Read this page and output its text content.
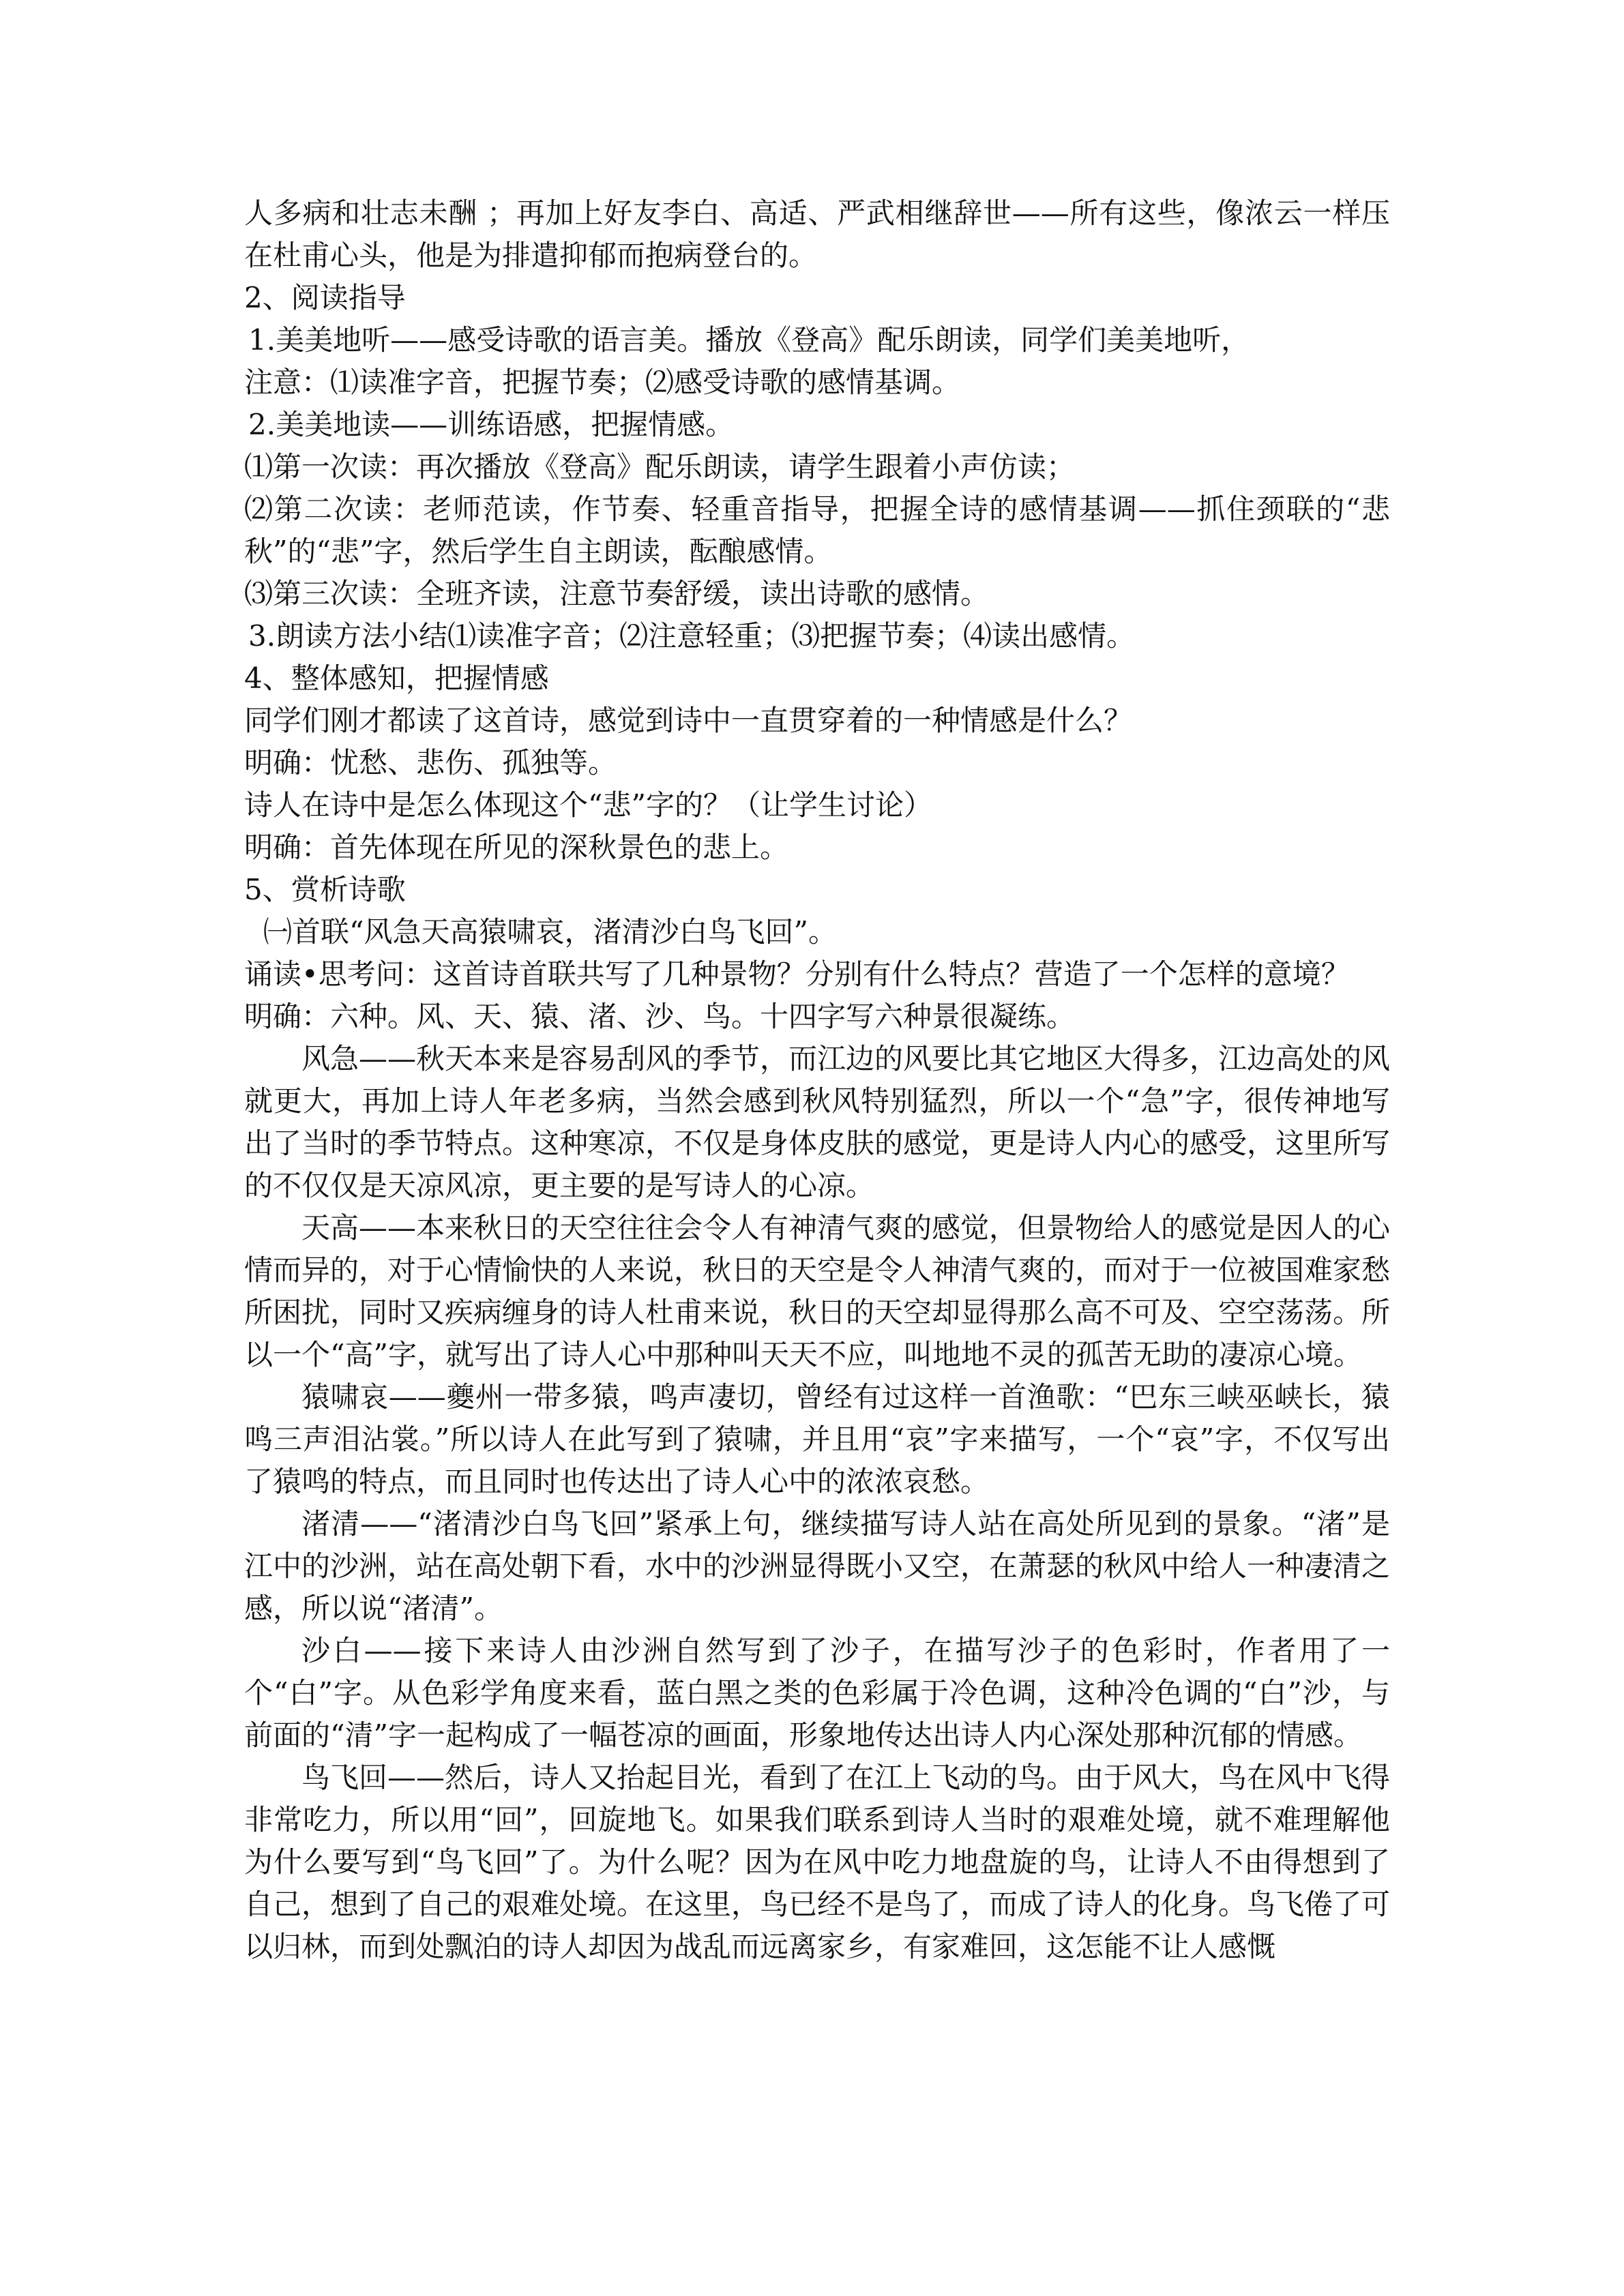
人多病和壮志未酬 ；再加上好友李白、高适、严武相继辞世——所有这些，像浓云一样压在杜甫心头，他是为排遣抑郁而抱病登台的。

2、阅读指导

1.美美地听——感受诗歌的语言美。播放《登高》配乐朗读，同学们美美地听，

注意：⑴读准字音，把握节奏；⑵感受诗歌的感情基调。

2.美美地读——训练语感，把握情感。

⑴第一次读：再次播放《登高》配乐朗读，请学生跟着小声仿读；

⑵第二次读：老师范读，作节奏、轻重音指导，把握全诗的感情基调——抓住颈联的“悲秋”的“悲”字，然后学生自主朗读，酝酿感情。

⑶第三次读：全班齐读，注意节奏舒缓，读出诗歌的感情。

3.朗读方法小结⑴读准字音；⑵注意轻重；⑶把握节奏；⑷读出感情。

4、整体感知，把握情感

同学们刚才都读了这首诗，感觉到诗中一直贯穿着的一种情感是什么？

明确：忧愁、悲伤、孤独等。

诗人在诗中是怎么体现这个“悲”字的？（让学生讨论）

明确：首先体现在所见的深秋景色的悲上。

5、赏析诗歌

㈠首联“风急天高猿啸哀，渚清沙白鸟飞回”。

诵读•思考问：这首诗首联共写了几种景物？分别有什么特点？营造了一个怎样的意境？

明确：六种。风、天、猿、渚、沙、鸟。十四字写六种景很凝练。

风急——秋天本来是容易刮风的季节，而江边的风要比其它地区大得多，江边高处的风就更大，再加上诗人年老多病，当然会感到秋风特别猛烈，所以一个“急”字，很传神地写出了当时的季节特点。这种寒凉，不仅是身体皮肤的感觉，更是诗人内心的感受，这里所写的不仅仅是天凉风凉，更主要的是写诗人的心凉。

天高——本来秋日的天空往往会令人有神清气爽的感觉，但景物给人的感觉是因人的心情而异的，对于心情愉快的人来说，秋日的天空是令人神清气爽的，而对于一位被国难家愁所困扰，同时又疾病缠身的诗人杜甫来说，秋日的天空却显得那么高不可及、空空荡荡。所以一个“高”字，就写出了诗人心中那种叫天天不应，叫地地不灵的孤苦无助的凄凉心境。

猿啸哀——夔州一带多猿，鸣声凄切，曾经有过这样一首渔歌：“巴东三峡巫峡长，猿鸣三声泪沾裳。”所以诗人在此写到了猿啸，并且用“哀”字来描写，一个“哀”字，不仅写出了猿鸣的特点，而且同时也传达出了诗人心中的浓浓哀愁。

渚清——“渚清沙白鸟飞回”紧承上句，继续描写诗人站在高处所见到的景象。“渚”是江中的沙洲，站在高处朝下看，水中的沙洲显得既小又空，在萧瑟的秋风中给人一种凄清之感，所以说“渚清”。

沙白——接下来诗人由沙洲自然写到了沙子，在描写沙子的色彩时，作者用了一个“白”字。从色彩学角度来看，蓝白黑之类的色彩属于冷色调，这种冷色调的“白”沙，与前面的“清”字一起构成了一幅苍凉的画面，形象地传达出诗人内心深处那种沉郁的情感。

鸟飞回——然后，诗人又抬起目光，看到了在江上飞动的鸟。由于风大，鸟在风中飞得非常吃力，所以用“回”，回旋地飞。如果我们联系到诗人当时的艰难处境，就不难理解他为什么要写到“鸟飞回”了。为什么呢？因为在风中吃力地盘旋的鸟，让诗人不由得想到了自己，想到了自己的艰难处境。在这里，鸟已经不是鸟了，而成了诗人的化身。鸟飞倦了可以归林，而到处飘泊的诗人却因为战乱而远离家乡，有家难回，这怎能不让人感慨
